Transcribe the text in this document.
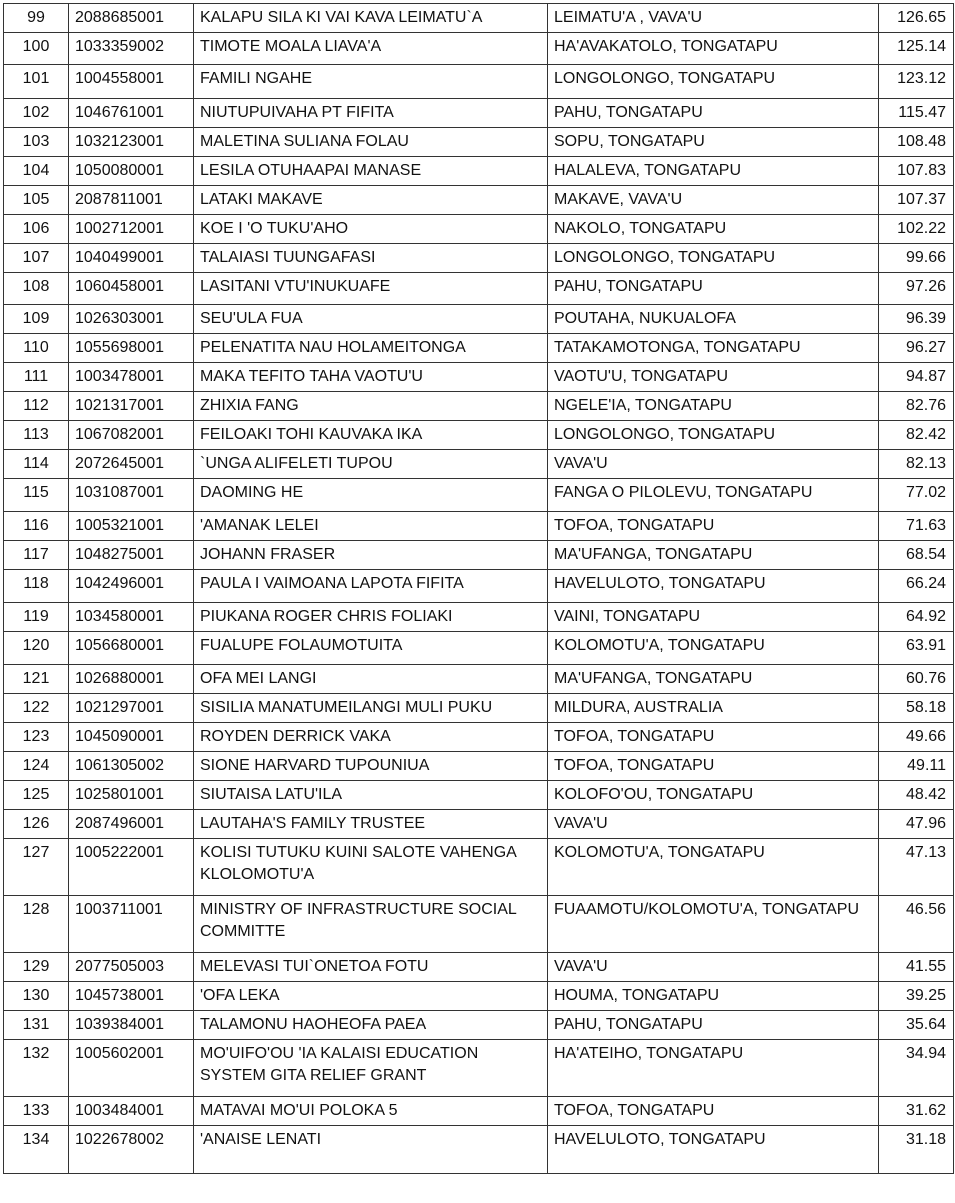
99	2088685001	KALAPU SILA KI VAI KAVA LEIMATU`A	LEIMATU'A , VAVA'U	126.65
100	1033359002	TIMOTE MOALA LIAVA'A	HA'AVAKATOLO, TONGATAPU	125.14
101	1004558001	FAMILI NGAHE	LONGOLONGO, TONGATAPU	123.12
102	1046761001	NIUTUPUIVAHA PT FIFITA	PAHU, TONGATAPU	115.47
103	1032123001	MALETINA SULIANA FOLAU	SOPU, TONGATAPU	108.48
104	1050080001	LESILA OTUHAAPAI MANASE	HALALEVA, TONGATAPU	107.83
105	2087811001	LATAKI MAKAVE	MAKAVE, VAVA'U	107.37
106	1002712001	KOE I 'O TUKU'AHO	NAKOLO, TONGATAPU	102.22
107	1040499001	TALAIASI TUUNGAFASI	LONGOLONGO, TONGATAPU	99.66
108	1060458001	LASITANI VTU'INUKUAFE	PAHU, TONGATAPU	97.26
109	1026303001	SEU'ULA FUA	POUTAHA, NUKUALOFA	96.39
110	1055698001	PELENATITA NAU HOLAMEITONGA	TATAKAMOTONGA, TONGATAPU	96.27
111	1003478001	MAKA TEFITO TAHA VAOTU'U	VAOTU'U, TONGATAPU	94.87
112	1021317001	ZHIXIA FANG	NGELE'IA, TONGATAPU	82.76
113	1067082001	FEILOAKI TOHI KAUVAKA IKA	LONGOLONGO, TONGATAPU	82.42
114	2072645001	`UNGA ALIFELETI TUPOU	VAVA'U	82.13
115	1031087001	DAOMING HE	FANGA O PILOLEVU, TONGATAPU	77.02
116	1005321001	'AMANAK LELEI	TOFOA, TONGATAPU	71.63
117	1048275001	JOHANN FRASER	MA'UFANGA, TONGATAPU	68.54
118	1042496001	PAULA I VAIMOANA LAPOTA FIFITA	HAVELULOTO, TONGATAPU	66.24
119	1034580001	PIUKANA ROGER CHRIS FOLIAKI	VAINI, TONGATAPU	64.92
120	1056680001	FUALUPE FOLAUMOTUITA	KOLOMOTU'A, TONGATAPU	63.91
121	1026880001	OFA MEI LANGI	MA'UFANGA, TONGATAPU	60.76
122	1021297001	SISILIA MANATUMEILANGI MULI PUKU	MILDURA, AUSTRALIA	58.18
123	1045090001	ROYDEN DERRICK VAKA	TOFOA, TONGATAPU	49.66
124	1061305002	SIONE HARVARD TUPOUNIUA	TOFOA, TONGATAPU	49.11
125	1025801001	SIUTAISA LATU'ILA	KOLOFO'OU, TONGATAPU	48.42
126	2087496001	LAUTAHA'S FAMILY TRUSTEE	VAVA'U	47.96
127	1005222001	KOLISI TUTUKU KUINI SALOTE VAHENGA KLOLOMOTU'A	KOLOMOTU'A, TONGATAPU	47.13
128	1003711001	MINISTRY OF INFRASTRUCTURE SOCIAL COMMITTE	FUAAMOTU/KOLOMOTU'A, TONGATAPU	46.56
129	2077505003	MELEVASI TUI`ONETOA FOTU	VAVA'U	41.55
130	1045738001	'OFA LEKA	HOUMA, TONGATAPU	39.25
131	1039384001	TALAMONU HAOHEOFA PAEA	PAHU, TONGATAPU	35.64
132	1005602001	MO'UIFO'OU 'IA KALAISI EDUCATION SYSTEM GITA RELIEF GRANT	HA'ATEIHO, TONGATAPU	34.94
133	1003484001	MATAVAI MO'UI POLOKA 5	TOFOA, TONGATAPU	31.62
134	1022678002	'ANAISE LENATI	HAVELULOTO, TONGATAPU	31.18
